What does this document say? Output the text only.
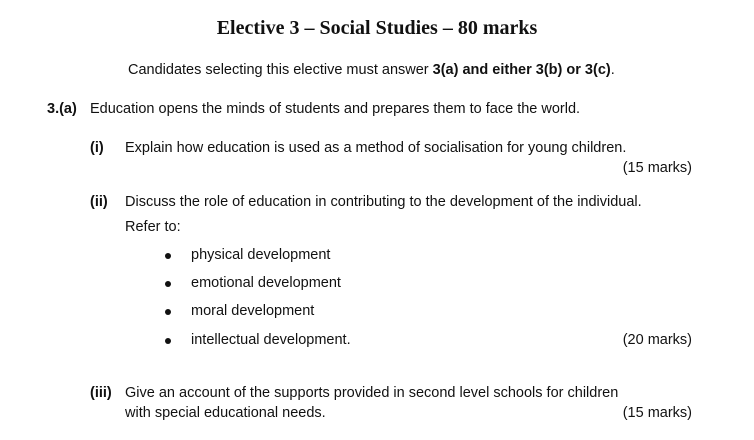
Elective 3 – Social Studies – 80 marks
Candidates selecting this elective must answer 3(a) and either 3(b) or 3(c).
3.(a) Education opens the minds of students and prepares them to face the world.
(i) Explain how education is used as a method of socialisation for young children.
(15 marks)
(ii) Discuss the role of education in contributing to the development of the individual.
Refer to:
physical development
emotional development
moral development
intellectual development.	(20 marks)
(iii) Give an account of the supports provided in second level schools for children
with special educational needs.	(15 marks)
